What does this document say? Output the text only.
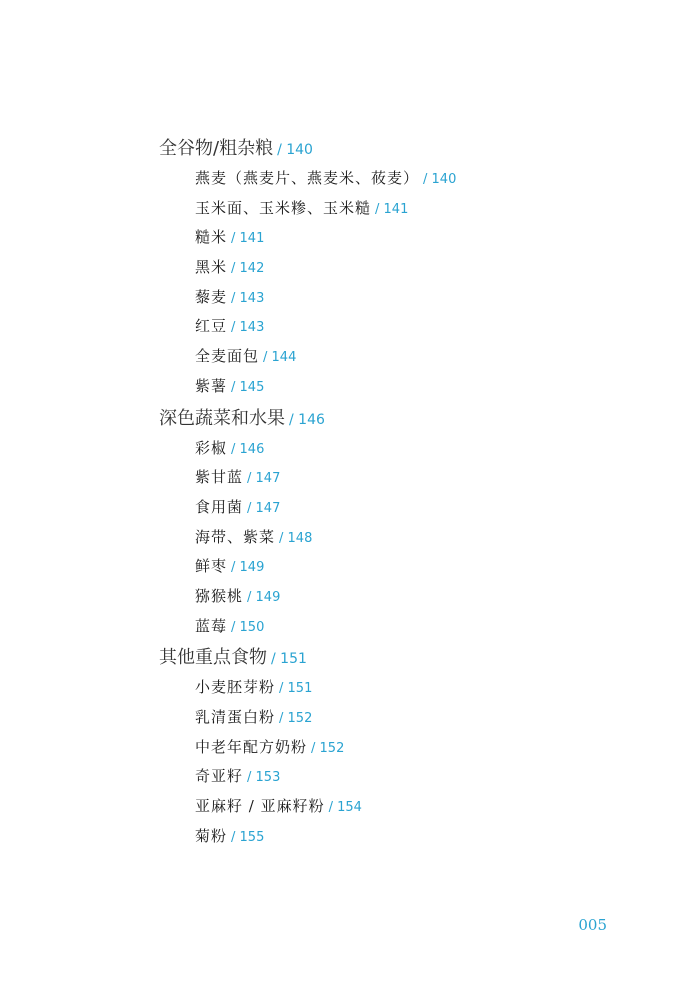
全谷物/粗杂粮 / 140
燕麦（燕麦片、燕麦米、莜麦） / 140
玉米面、玉米糁、玉米糙 / 141
糙米 / 141
黑米 / 142
藜麦 / 143
红豆 / 143
全麦面包 / 144
紫薯 / 145
深色蔬菜和水果 / 146
彩椒 / 146
紫甘蓝 / 147
食用菌 / 147
海带、紫菜 / 148
鲜枣 / 149
猕猴桃 / 149
蓝莓 / 150
其他重点食物 / 151
小麦胚芽粉 / 151
乳清蛋白粉 / 152
中老年配方奶粉 / 152
奇亚籽 / 153
亚麻籽 / 亚麻籽粉 / 154
菊粉 / 155
005
